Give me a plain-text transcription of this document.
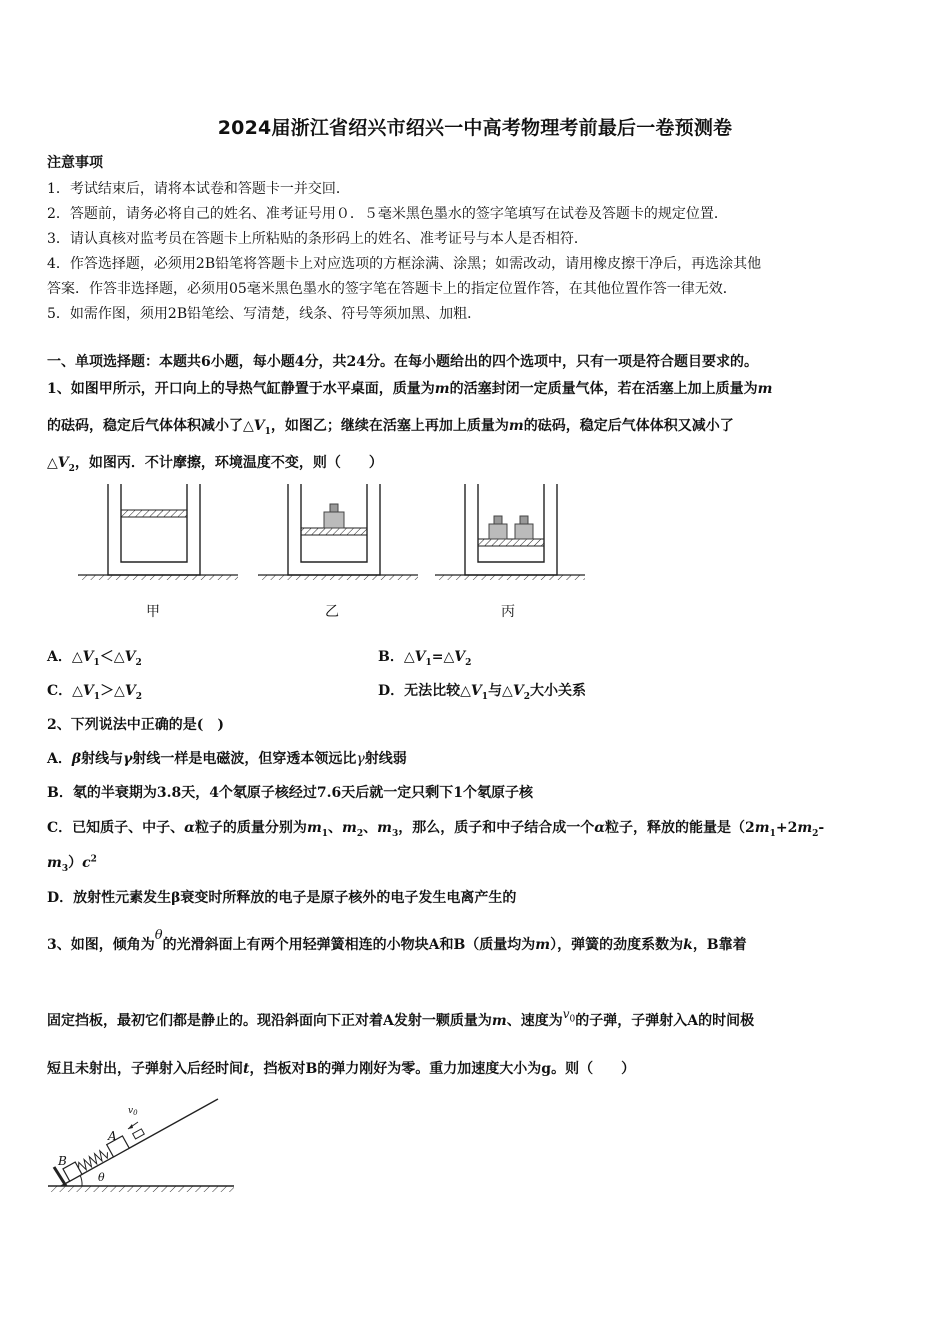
2024届浙江省绍兴市绍兴一中高考物理考前最后一卷预测卷
注意事项
1．考试结束后，请将本试卷和答题卡一并交回．
2．答题前，请务必将自己的姓名、准考证号用０．５毫米黑色墨水的签字笔填写在试卷及答题卡的规定位置．
3．请认真核对监考员在答题卡上所粘贴的条形码上的姓名、准考证号与本人是否相符．
4．作答选择题，必须用2B铅笔将答题卡上对应选项的方框涂满、涂黑；如需改动，请用橡皮擦干净后，再选涂其他
答案．作答非选择题，必须用05毫米黑色墨水的签字笔在答题卡上的指定位置作答，在其他位置作答一律无效．
5．如需作图，须用2B铅笔绘、写清楚，线条、符号等须加黑、加粗．
一、单项选择题：本题共6小题，每小题4分，共24分。在每小题给出的四个选项中，只有一项是符合题目要求的。
1、如图甲所示，开口向上的导热气缸静置于水平桌面，质量为m的活塞封闭一定质量气体，若在活塞上加上质量为m
的砝码，稳定后气体体积减小了$\triangle V_1$，如图乙；继续在活塞上再加上质量为m的砝码，稳定后气体体积又减小了
$\triangle V_2$，如图丙．不计摩擦，环境温度不变，则（　　）
甲	乙	丙
A．$\triangle V_1<\triangle V_2$	B．$\triangle V_1=\triangle V_2$
C．$\triangle V_1>\triangle V_2$	D．无法比较$\triangle V_1$与$\triangle V_2$大小关系
2、下列说法中正确的是(　)
A．β射线与γ射线一样是电磁波，但穿透本领远比γ射线弱
B．氡的半衰期为3.8天，4个氡原子核经过7.6天后就一定只剩下1个氡原子核
C．已知质子、中子、α粒子的质量分别为$m_1$、$m_2$、$m_3$，那么，质子和中子结合成一个α粒子，释放的能量是（$2m_1+2m_2-$
$m_3)c^2$
D．放射性元素发生β衰变时所释放的电子是原子核外的电子发生电离产生的
3、如图，倾角为θ的光滑斜面上有两个用轻弹簧相连的小物块A和B（质量均为m），弹簧的劲度系数为k，B靠着
固定挡板，最初它们都是静止的。现沿斜面向下正对着A发射一颗质量为m、速度为$v_0$的子弹，子弹射入A的时间极
短且未射出，子弹射入后经时间t，挡板对B的弹力刚好为零。重力加速度大小为g。则（　　）
B
A
θ
$v_0$
